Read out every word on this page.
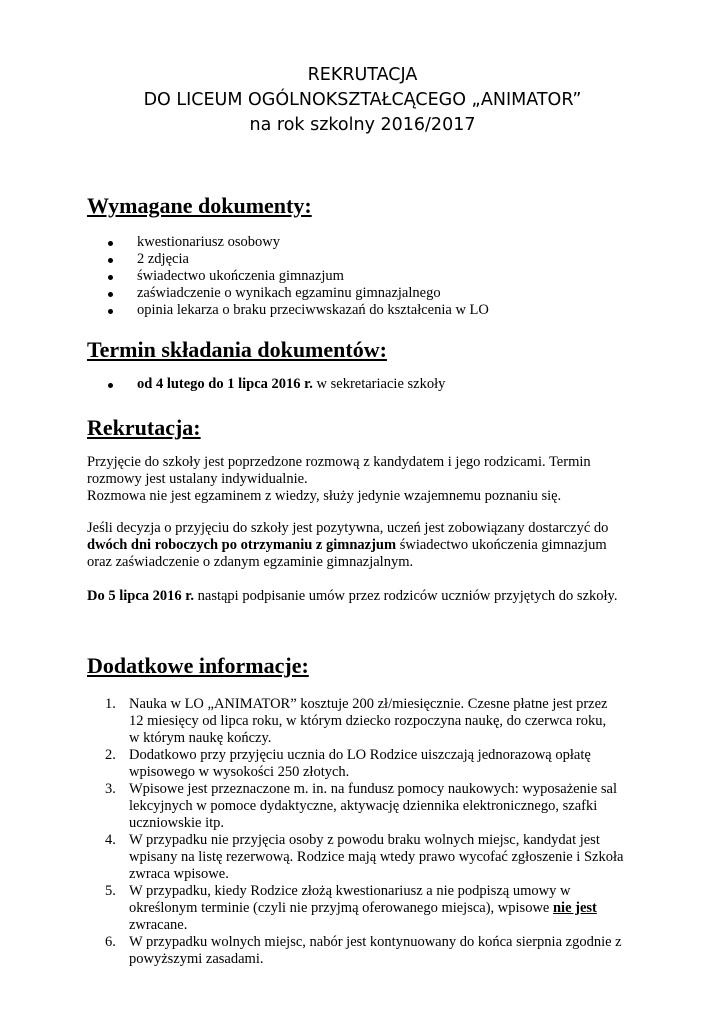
REKRUTACJA
DO LICEUM OGÓLNOKSZTAŁCĄCEGO „ANIMATOR”
na rok szkolny 2016/2017
Wymagane dokumenty:
kwestionariusz osobowy
2 zdjęcia
świadectwo ukończenia gimnazjum
zaświadczenie o wynikach egzaminu gimnazjalnego
opinia lekarza o braku przeciwwskazań do kształcenia w LO
Termin składania dokumentów:
od 4 lutego do 1 lipca 2016 r. w sekretariacie szkoły
Rekrutacja:
Przyjęcie do szkoły jest poprzedzone rozmową z kandydatem i jego rodzicami. Termin
rozmowy jest ustalany indywidualnie.
Rozmowa nie jest egzaminem z wiedzy, służy jedynie wzajemnemu poznaniu się.
Jeśli decyzja o przyjęciu do szkoły jest pozytywna, uczeń jest zobowiązany dostarczyć do
dwóch dni roboczych po otrzymaniu z gimnazjum świadectwo ukończenia gimnazjum
oraz zaświadczenie o zdanym egzaminie gimnazjalnym.
Do 5 lipca 2016 r. nastąpi podpisanie umów przez rodziców uczniów przyjętych do szkoły.
Dodatkowe informacje:
1. Nauka w LO „ANIMATOR” kosztuje 200 zł/miesięcznie. Czesne płatne jest przez
12 miesięcy od lipca roku, w którym dziecko rozpoczyna naukę, do czerwca roku,
w którym naukę kończy.
2. Dodatkowo przy przyjęciu ucznia do LO Rodzice uiszczają jednorazową opłatę
wpisowego w wysokości 250 złotych.
3. Wpisowe jest przeznaczone m. in. na fundusz pomocy naukowych: wyposażenie sal
lekcyjnych w pomoce dydaktyczne, aktywację dziennika elektronicznego, szafki
uczniowskie itp.
4. W przypadku nie przyjęcia osoby z powodu braku wolnych miejsc, kandydat jest
wpisany na listę rezerwową. Rodzice mają wtedy prawo wycofać zgłoszenie i Szkoła
zwraca wpisowe.
5. W przypadku, kiedy Rodzice złożą kwestionariusz a nie podpiszą umowy w
określonym terminie (czyli nie przyjmą oferowanego miejsca), wpisowe nie jest
zwracane.
6. W przypadku wolnych miejsc, nabór jest kontynuowany do końca sierpnia zgodnie z
powyższymi zasadami.
